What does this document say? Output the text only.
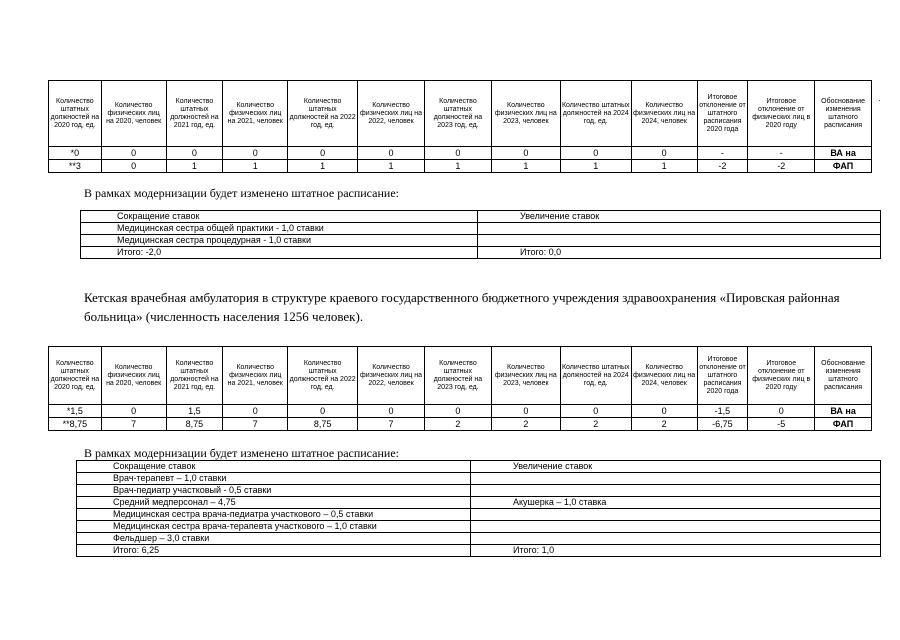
Количество штатных должностей на 2020 год, ед.	Количество физических лиц на 2020, человек	Количество штатных должностей на 2021 год, ед.	Количество физических лиц на 2021, человек	Количество штатных должностей на 2022 год, ед.	Количество физических лиц на 2022, человек	Количество штатных должностей на 2023 год, ед.	Количество физических лиц на 2023, человек	Количество штатных должностей на 2024 год, ед.	Количество физических лиц на 2024, человек	Итоговое отклонение от штатного расписания 2020 года	Итоговое отклонение от физических лиц в 2020 году	Обоснование изменения штатного расписания
*0	0	0	0	0	0	0	0	0	0	-	-	ВА на
**3	0	1	1	1	1	1	1	1	1	-2	-2	ФАП
·
В рамках модернизации будет изменено штатное расписание:
Сокращение ставок	Увеличение ставок
Медицинская сестра общей практики - 1,0 ставки	
Медицинская сестра процедурная - 1,0 ставки	
Итого: -2,0	Итого: 0,0
Кетская врачебная амбулатория в структуре краевого государственного бюджетного учреждения здравоохранения «Пировская районная больница» (численность населения 1256 человек).
Количество штатных должностей на 2020 год, ед.	Количество физических лиц на 2020, человек	Количество штатных должностей на 2021 год, ед.	Количество физических лиц на 2021, человек	Количество штатных должностей на 2022 год, ед.	Количество физических лиц на 2022, человек	Количество штатных должностей на 2023 год, ед.	Количество физических лиц на 2023, человек	Количество штатных должностей на 2024 год, ед.	Количество физических лиц на 2024, человек	Итоговое отклонение от штатного расписания 2020 года	Итоговое отклонение от физических лиц в 2020 году	Обоснование изменения штатного расписания
*1,5	0	1,5	0	0	0	0	0	0	0	-1,5	0	ВА на
**8,75	7	8,75	7	8,75	7	2	2	2	2	-6,75	-5	ФАП
В рамках модернизации будет изменено штатное расписание:
Сокращение ставок	Увеличение ставок
Врач-терапевт – 1,0 ставки	
Врач-педиатр участковый - 0,5 ставки	
Средний медперсонал – 4,75	Акушерка – 1,0 ставка
Медицинская сестра врача-педиатра участкового – 0,5 ставки	
Медицинская сестра врача-терапевта участкового – 1,0 ставки	
Фельдшер – 3,0 ставки	
Итого: 6,25	Итого: 1,0
